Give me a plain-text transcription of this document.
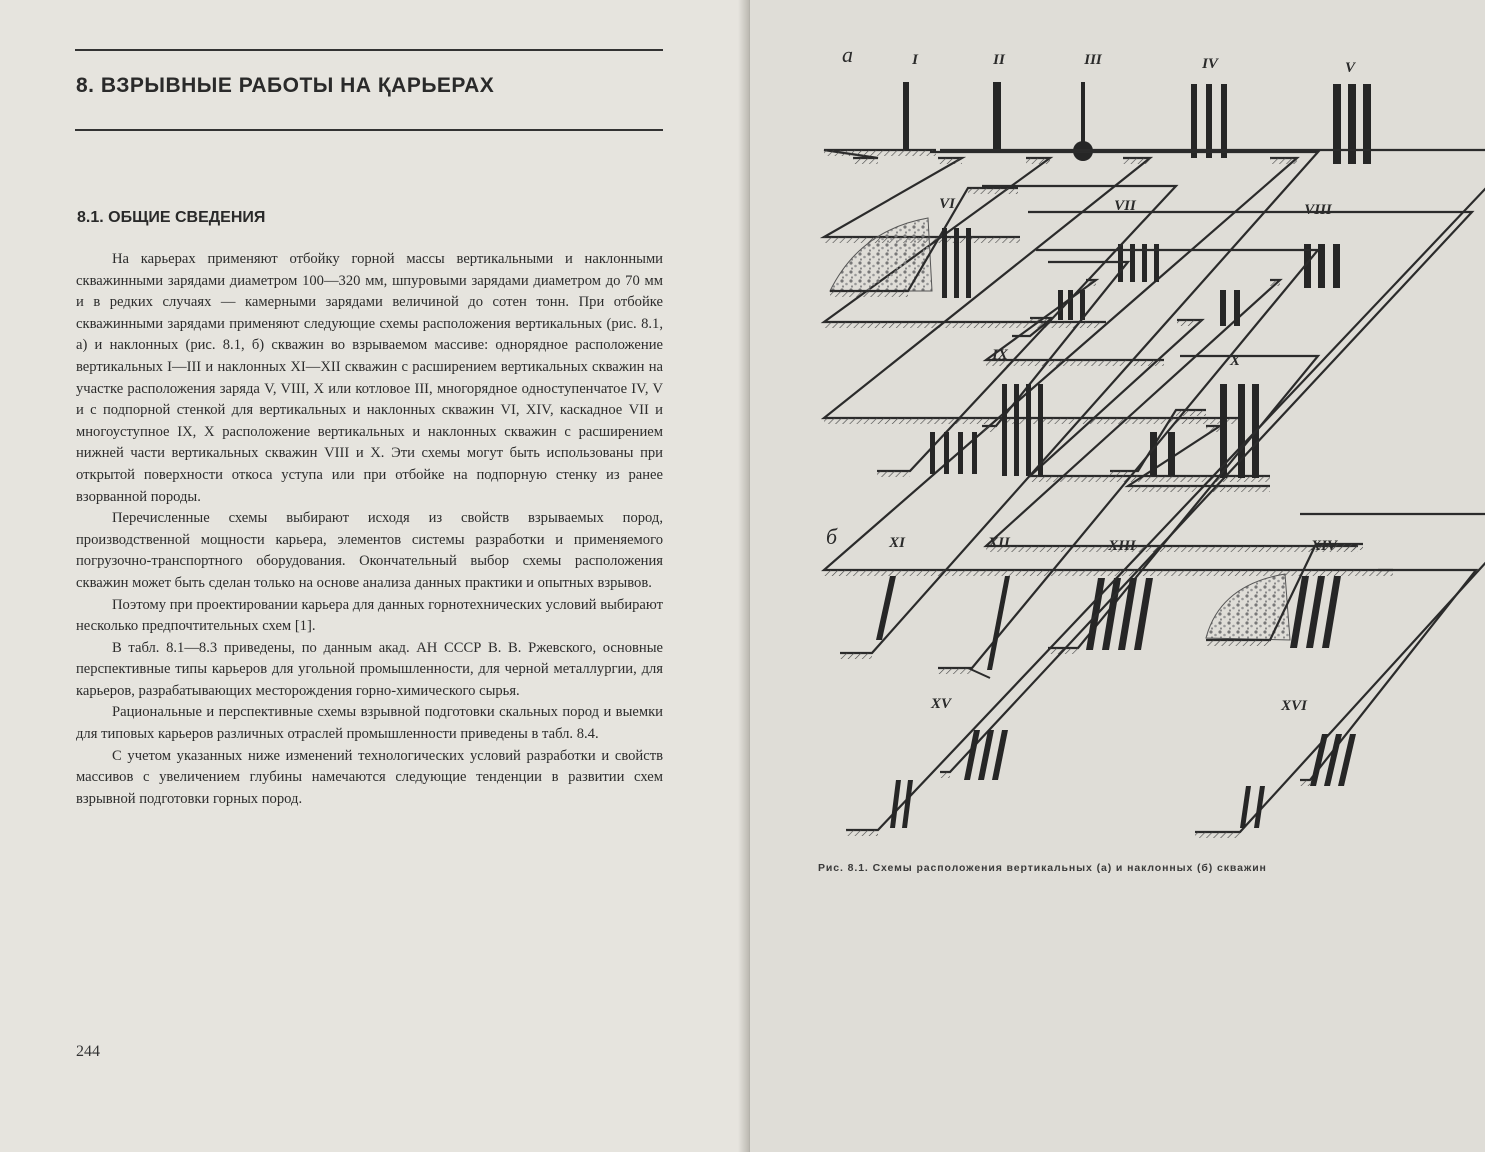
8. ВЗРЫВНЫЕ РАБОТЫ НА ҚАРЬЕРАХ
8.1. ОБЩИЕ СВЕДЕНИЯ

На карьерах применяют отбойку горной массы вертикальными и наклонными скважинными зарядами диаметром 100—320 мм, шпуровыми зарядами диаметром до 70 мм и в редких случаях — камерными зарядами величиной до сотен тонн. При отбойке скважинными зарядами применяют следующие схемы расположения вертикальных (рис. 8.1, а) и наклонных (рис. 8.1, б) скважин во взрываемом массиве: однорядное расположение вертикальных I—III и наклонных XI—XII скважин с расширением вертикальных скважин на участке расположения заряда V, VIII, X или котловое III, многорядное одноступенчатое IV, V и с подпорной стенкой для вертикальных и наклонных скважин VI, XIV, каскадное VII и многоуступное IX, X расположение вертикальных и наклонных скважин с расширением нижней части вертикальных скважин VIII и X. Эти схемы могут быть использованы при открытой поверхности откоса уступа или при отбойке на подпорную стенку из ранее взорванной породы.

Перечисленные схемы выбирают исходя из свойств взрываемых пород, производственной мощности карьера, элементов системы разработки и применяемого погрузочно-транспортного оборудования. Окончательный выбор схемы расположения скважин может быть сделан только на основе анализа данных практики и опытных взрывов.

Поэтому при проектировании карьера для данных горнотехнических условий выбирают несколько предпочтительных схем [1].

В табл. 8.1—8.3 приведены, по данным акад. АН СССР В. В. Ржевского, основные перспективные типы карьеров для угольной промышленности, для черной металлургии, для карьеров, разрабатывающих месторождения горно-химического сырья.

Рациональные и перспективные схемы взрывной подготовки скальных пород и выемки для типовых карьеров различных отраслей промышленности приведены в табл. 8.4.

С учетом указанных ниже изменений технологических условий разработки и свойств массивов с увеличением глубины намечаются следующие тенденции в развитии схем взрывной подготовки горных пород.

244
I	II	III	IV	V
VI	VII	VIII
IX	X
XI	XII	XIII	XIV
XV	XVI
а
б
Рис. 8.1. Схемы расположения вертикальных (а) и наклонных (б) скважин
